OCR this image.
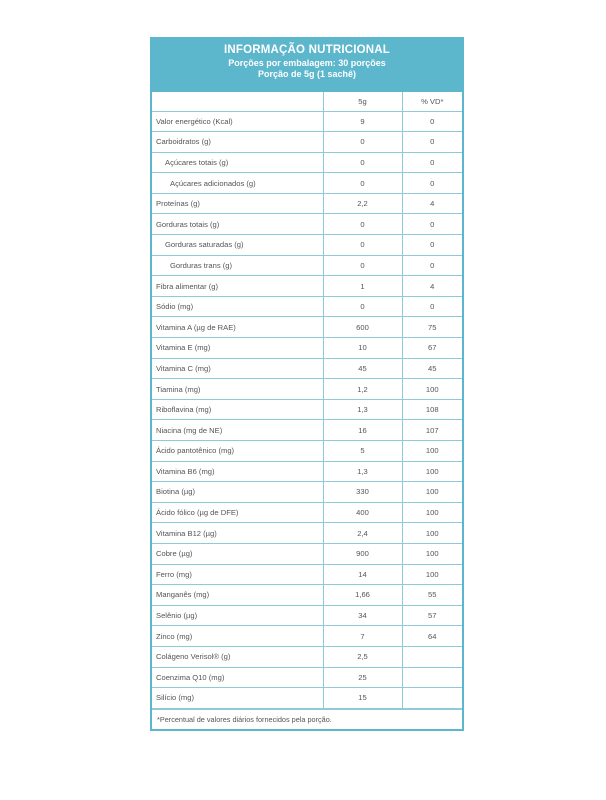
INFORMAÇÃO NUTRICIONAL
Porções por embalagem: 30 porções
Porção de 5g (1 sachê)
	5g	% VD*
Valor energético (Kcal)	9	0
Carboidratos (g)	0	0
Açúcares totais (g)	0	0
Açúcares adicionados (g)	0	0
Proteínas (g)	2,2	4
Gorduras totais (g)	0	0
Gorduras saturadas (g)	0	0
Gorduras trans (g)	0	0
Fibra alimentar (g)	1	4
Sódio (mg)	0	0
Vitamina A (µg de RAE)	600	75
Vitamina E (mg)	10	67
Vitamina C (mg)	45	45
Tiamina (mg)	1,2	100
Riboflavina (mg)	1,3	108
Niacina (mg de NE)	16	107
Ácido pantotênico (mg)	5	100
Vitamina B6 (mg)	1,3	100
Biotina (µg)	330	100
Ácido fólico (µg de DFE)	400	100
Vitamina B12 (µg)	2,4	100
Cobre (µg)	900	100
Ferro (mg)	14	100
Manganês (mg)	1,66	55
Selênio (µg)	34	57
Zinco (mg)	7	64
Colágeno Verisol® (g)	2,5	
Coenzima Q10 (mg)	25	
Silício (mg)	15	
*Percentual de valores diários fornecidos pela porção.
